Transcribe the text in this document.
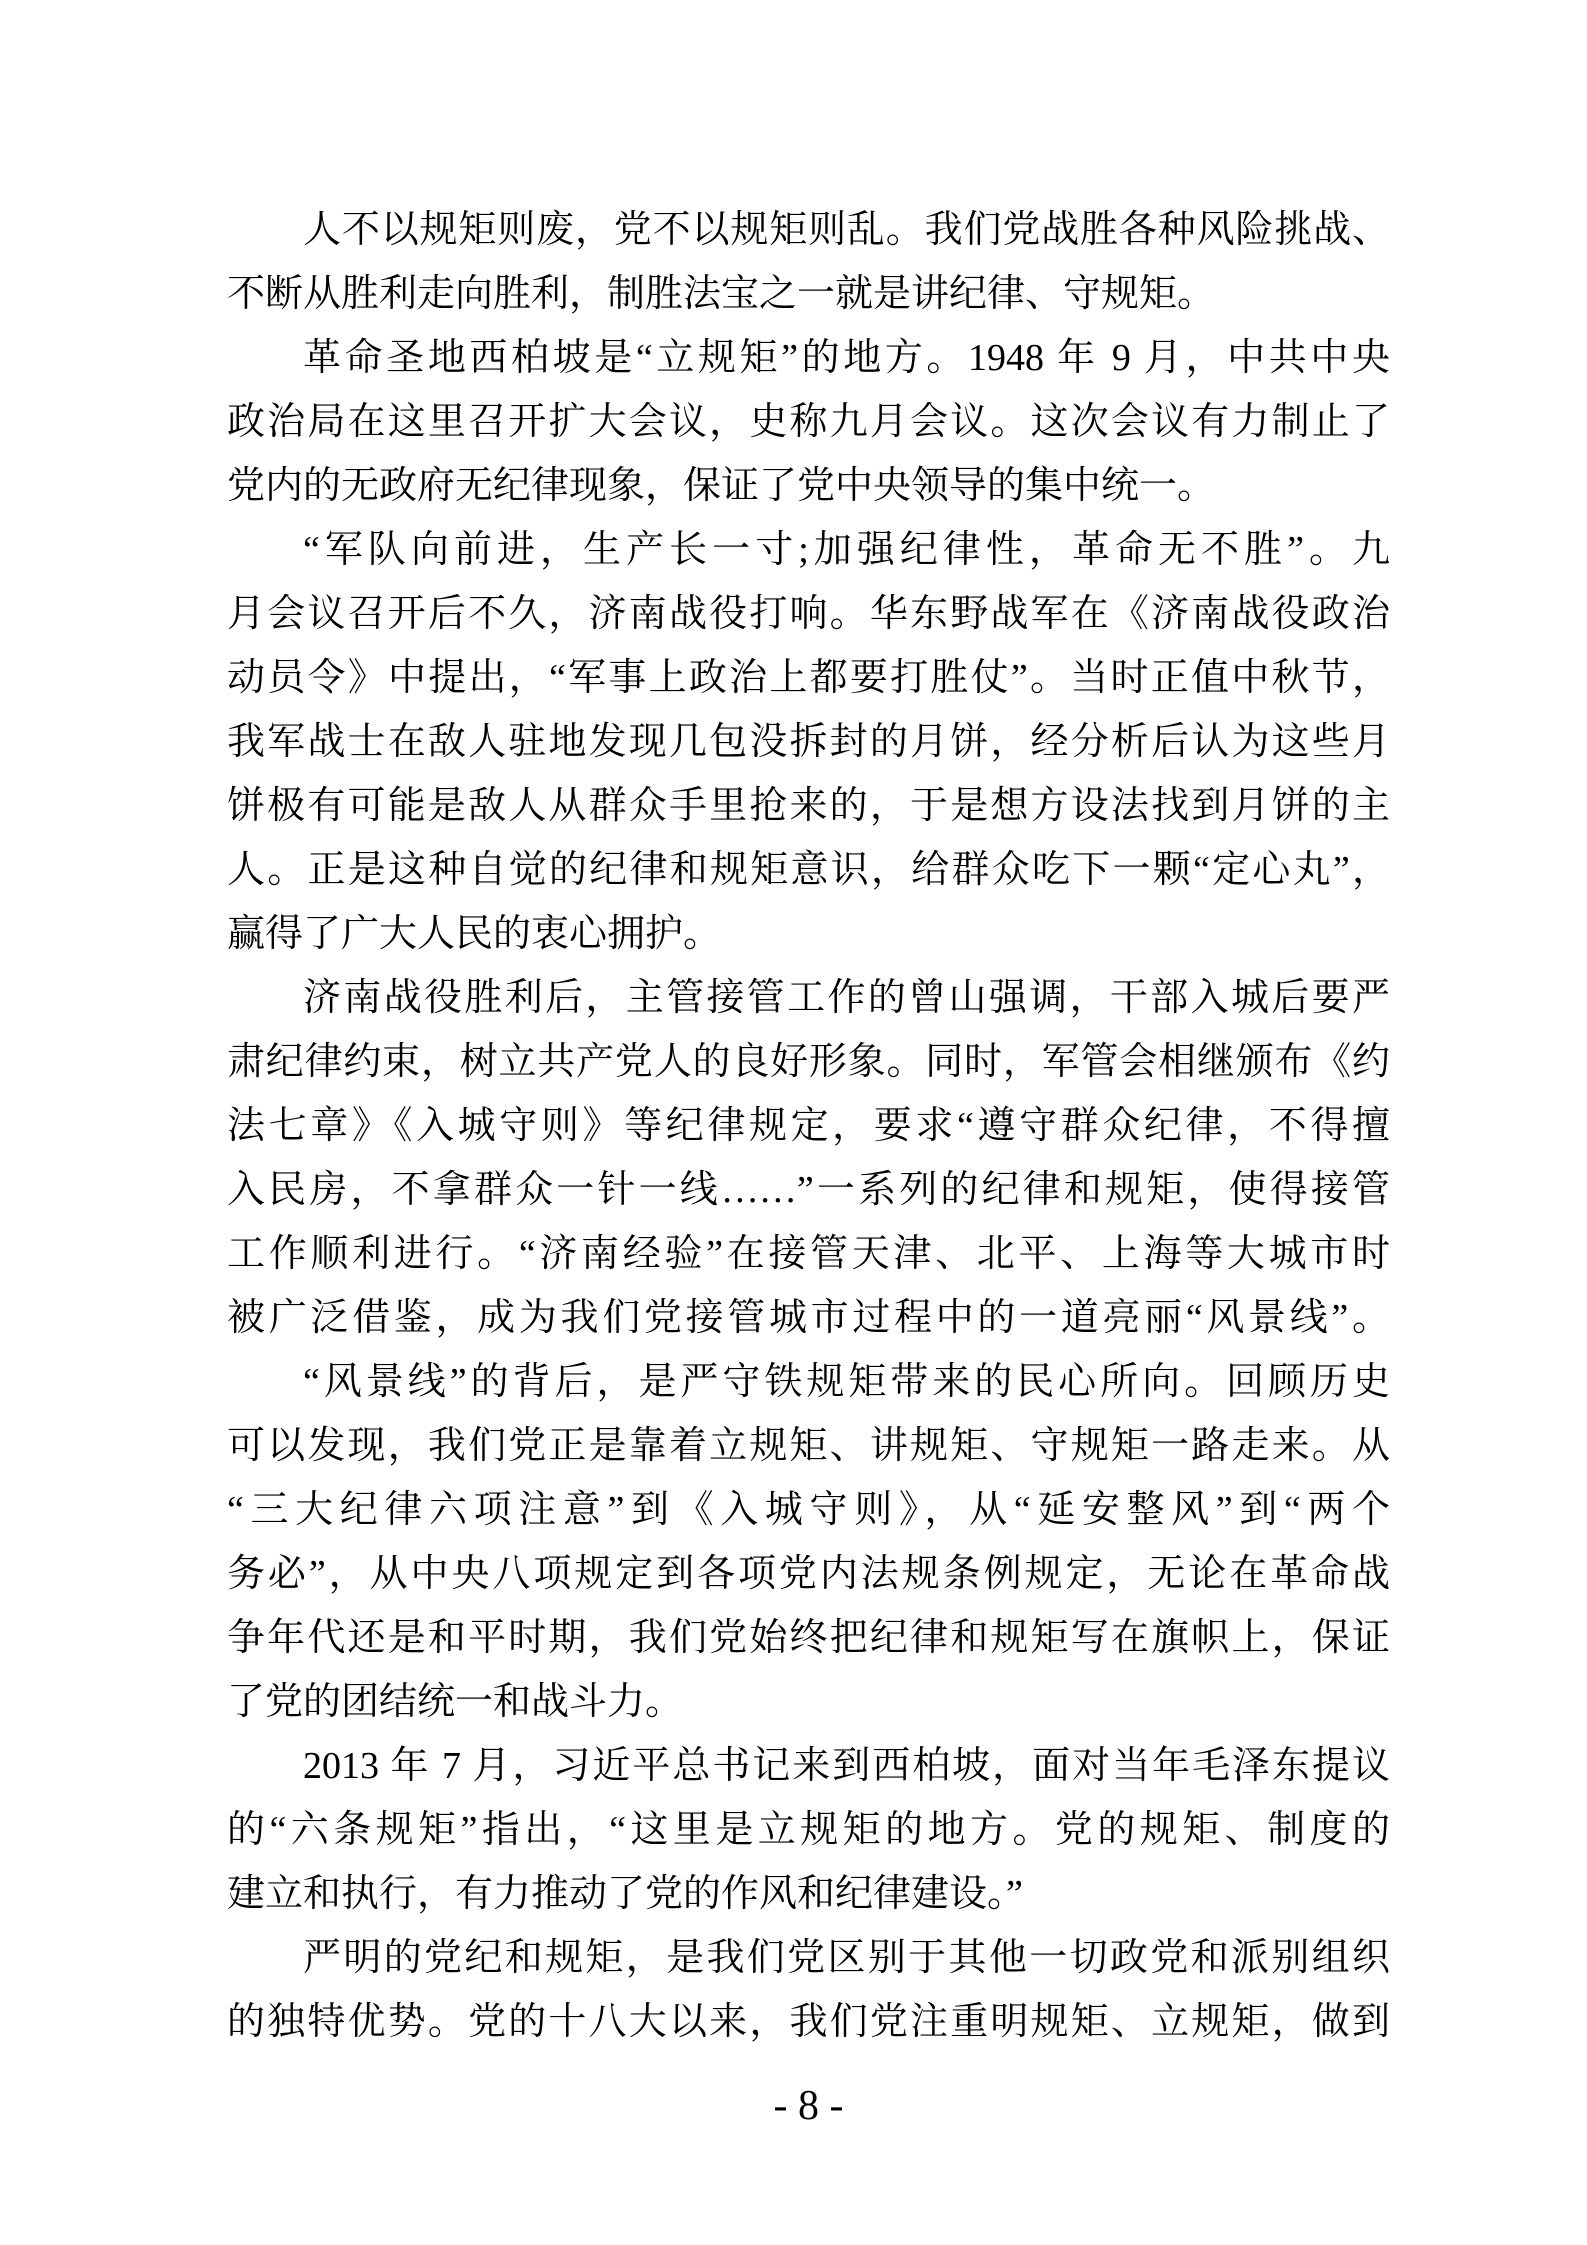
人不以规矩则废，党不以规矩则乱。我们党战胜各种风险挑战、
不断从胜利走向胜利，制胜法宝之一就是讲纪律、守规矩。
革命圣地西柏坡是“立规矩”的地方。1948 年 9 月，中共中央
政治局在这里召开扩大会议，史称九月会议。这次会议有力制止了
党内的无政府无纪律现象，保证了党中央领导的集中统一。
“军队向前进，生产长一寸;加强纪律性，革命无不胜”。九
月会议召开后不久，济南战役打响。华东野战军在《济南战役政治
动员令》中提出，“军事上政治上都要打胜仗”。当时正值中秋节，
我军战士在敌人驻地发现几包没拆封的月饼，经分析后认为这些月
饼极有可能是敌人从群众手里抢来的，于是想方设法找到月饼的主
人。正是这种自觉的纪律和规矩意识，给群众吃下一颗“定心丸”，
赢得了广大人民的衷心拥护。
济南战役胜利后，主管接管工作的曾山强调，干部入城后要严
肃纪律约束，树立共产党人的良好形象。同时，军管会相继颁布《约
法七章》《入城守则》等纪律规定，要求“遵守群众纪律，不得擅
入民房，不拿群众一针一线……”一系列的纪律和规矩，使得接管
工作顺利进行。“济南经验”在接管天津、北平、上海等大城市时
被广泛借鉴，成为我们党接管城市过程中的一道亮丽“风景线”。
“风景线”的背后，是严守铁规矩带来的民心所向。回顾历史
可以发现，我们党正是靠着立规矩、讲规矩、守规矩一路走来。从
“三大纪律六项注意”到《入城守则》，从“延安整风”到“两个
务必”，从中央八项规定到各项党内法规条例规定，无论在革命战
争年代还是和平时期，我们党始终把纪律和规矩写在旗帜上，保证
了党的团结统一和战斗力。
2013 年 7 月，习近平总书记来到西柏坡，面对当年毛泽东提议
的“六条规矩”指出，“这里是立规矩的地方。党的规矩、制度的
建立和执行，有力推动了党的作风和纪律建设。”
严明的党纪和规矩，是我们党区别于其他一切政党和派别组织
的独特优势。党的十八大以来，我们党注重明规矩、立规矩，做到
- 8 -
